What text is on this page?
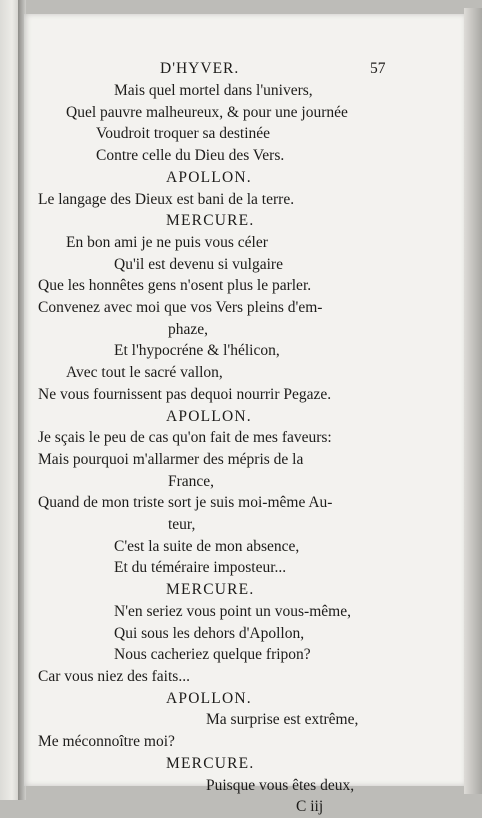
D'HYVER.	57
Mais quel mortel dans l'univers,
Quel pauvre malheureux, & pour une journée
Voudroit troquer sa destinée
Contre celle du Dieu des Vers.
APOLLON.
Le langage des Dieux est bani de la terre.
MERCURE.
En bon ami je ne puis vous céler
Qu'il est devenu si vulgaire
Que les honnêtes gens n'osent plus le parler.
Convenez avec moi que vos Vers pleins d'em-
phaze,
Et l'hypocréne & l'hélicon,
Avec tout le sacré vallon,
Ne vous fournissent pas dequoi nourrir Pegaze.
APOLLON.
Je sçais le peu de cas qu'on fait de mes faveurs:
Mais pourquoi m'allarmer des mépris de la
France,
Quand de mon triste sort je suis moi-même Au-
teur,
C'est la suite de mon absence,
Et du téméraire imposteur...
MERCURE.
N'en seriez vous point un vous-même,
Qui sous les dehors d'Apollon,
Nous cacheriez quelque fripon?
Car vous niez des faits...
APOLLON.
Ma surprise est extrême,
Me méconnoître moi?
MERCURE.
Puisque vous êtes deux,
C iij
